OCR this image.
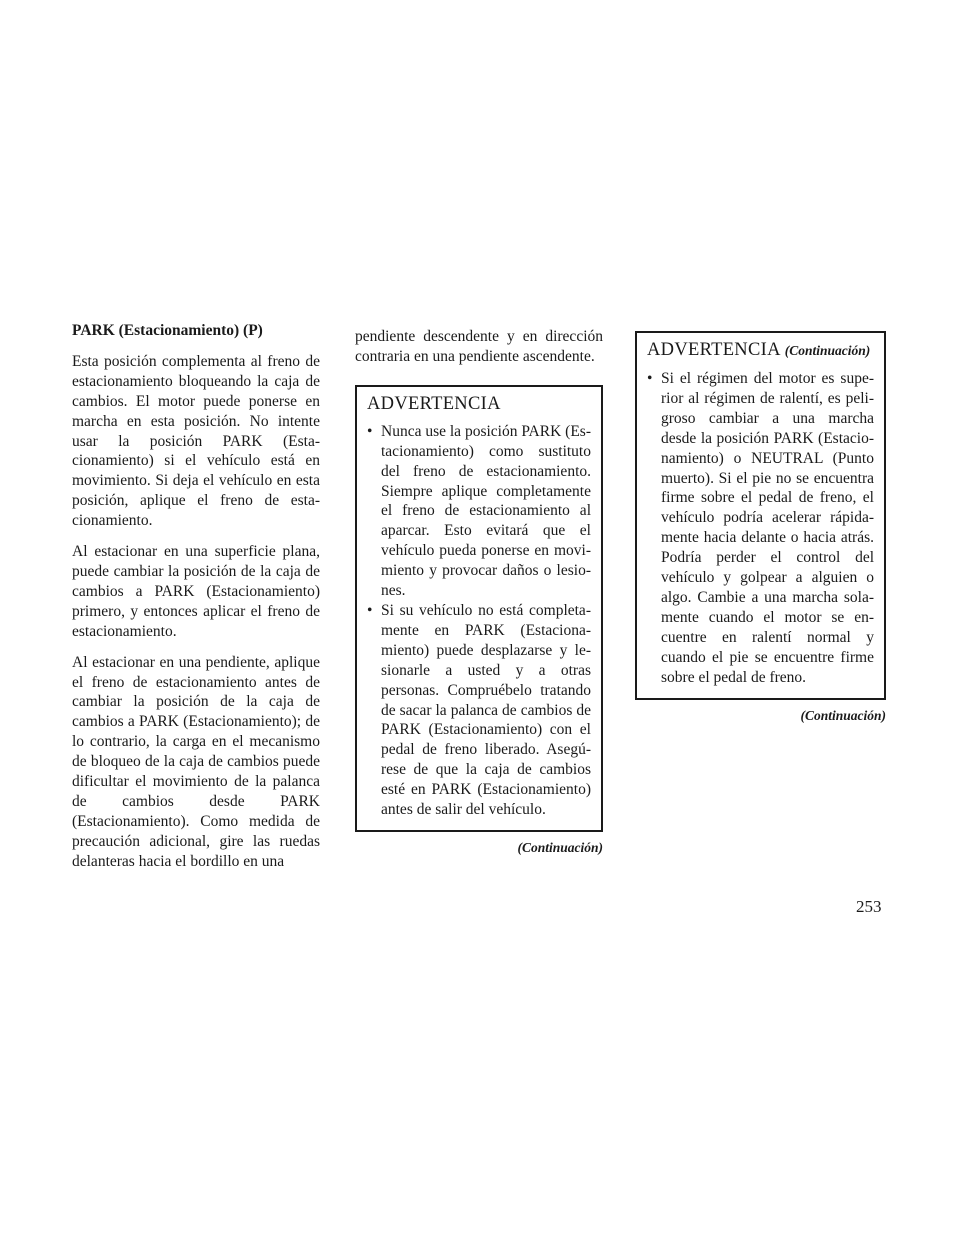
PARK (Estacionamiento) (P)

Esta posición complementa al freno de estacionamiento bloqueando la caja de cambios. El motor puede ponerse en marcha en esta posición. No intente usar la posición PARK (Estacionamiento) si el vehículo está en movimiento. Si deja el vehículo en esta posición, aplique el freno de estacionamiento.

Al estacionar en una superficie plana, puede cambiar la posición de la caja de cambios a PARK (Estacionamiento) primero, y entonces aplicar el freno de estacionamiento.

Al estacionar en una pendiente, aplique el freno de estacionamiento antes de cambiar la posición de la caja de cambios a PARK (Estacionamiento); de lo contrario, la carga en el mecanismo de bloqueo de la caja de cambios puede dificultar el movimiento de la palanca de cambios desde PARK (Estacionamiento). Como medida de precaución adicional, gire las ruedas delanteras hacia el bordillo en una

pendiente descendente y en dirección contraria en una pendiente ascendente.

ADVERTENCIA
• Nunca use la posición PARK (Estacionamiento) como sustituto del freno de estacionamiento. Siempre aplique completamente el freno de estacionamiento al aparcar. Esto evitará que el vehículo pueda ponerse en movimiento y provocar daños o lesiones.
• Si su vehículo no está completamente en PARK (Estacionamiento) puede desplazarse y lesionarle a usted y a otras personas. Compruébelo tratando de sacar la palanca de cambios de PARK (Estacionamiento) con el pedal de freno liberado. Asegúrese de que la caja de cambios esté en PARK (Estacionamiento) antes de salir del vehículo.
(Continuación)
ADVERTENCIA (Continuación)
• Si el régimen del motor es superior al régimen de ralentí, es peligroso cambiar a una marcha desde la posición PARK (Estacionamiento) o NEUTRAL (Punto muerto). Si el pie no se encuentra firme sobre el pedal de freno, el vehículo podría acelerar rápidamente hacia delante o hacia atrás. Podría perder el control del vehículo y golpear a alguien o algo. Cambie a una marcha solamente cuando el motor se encuentre en ralentí normal y cuando el pie se encuentre firme sobre el pedal de freno.
(Continuación)
253
